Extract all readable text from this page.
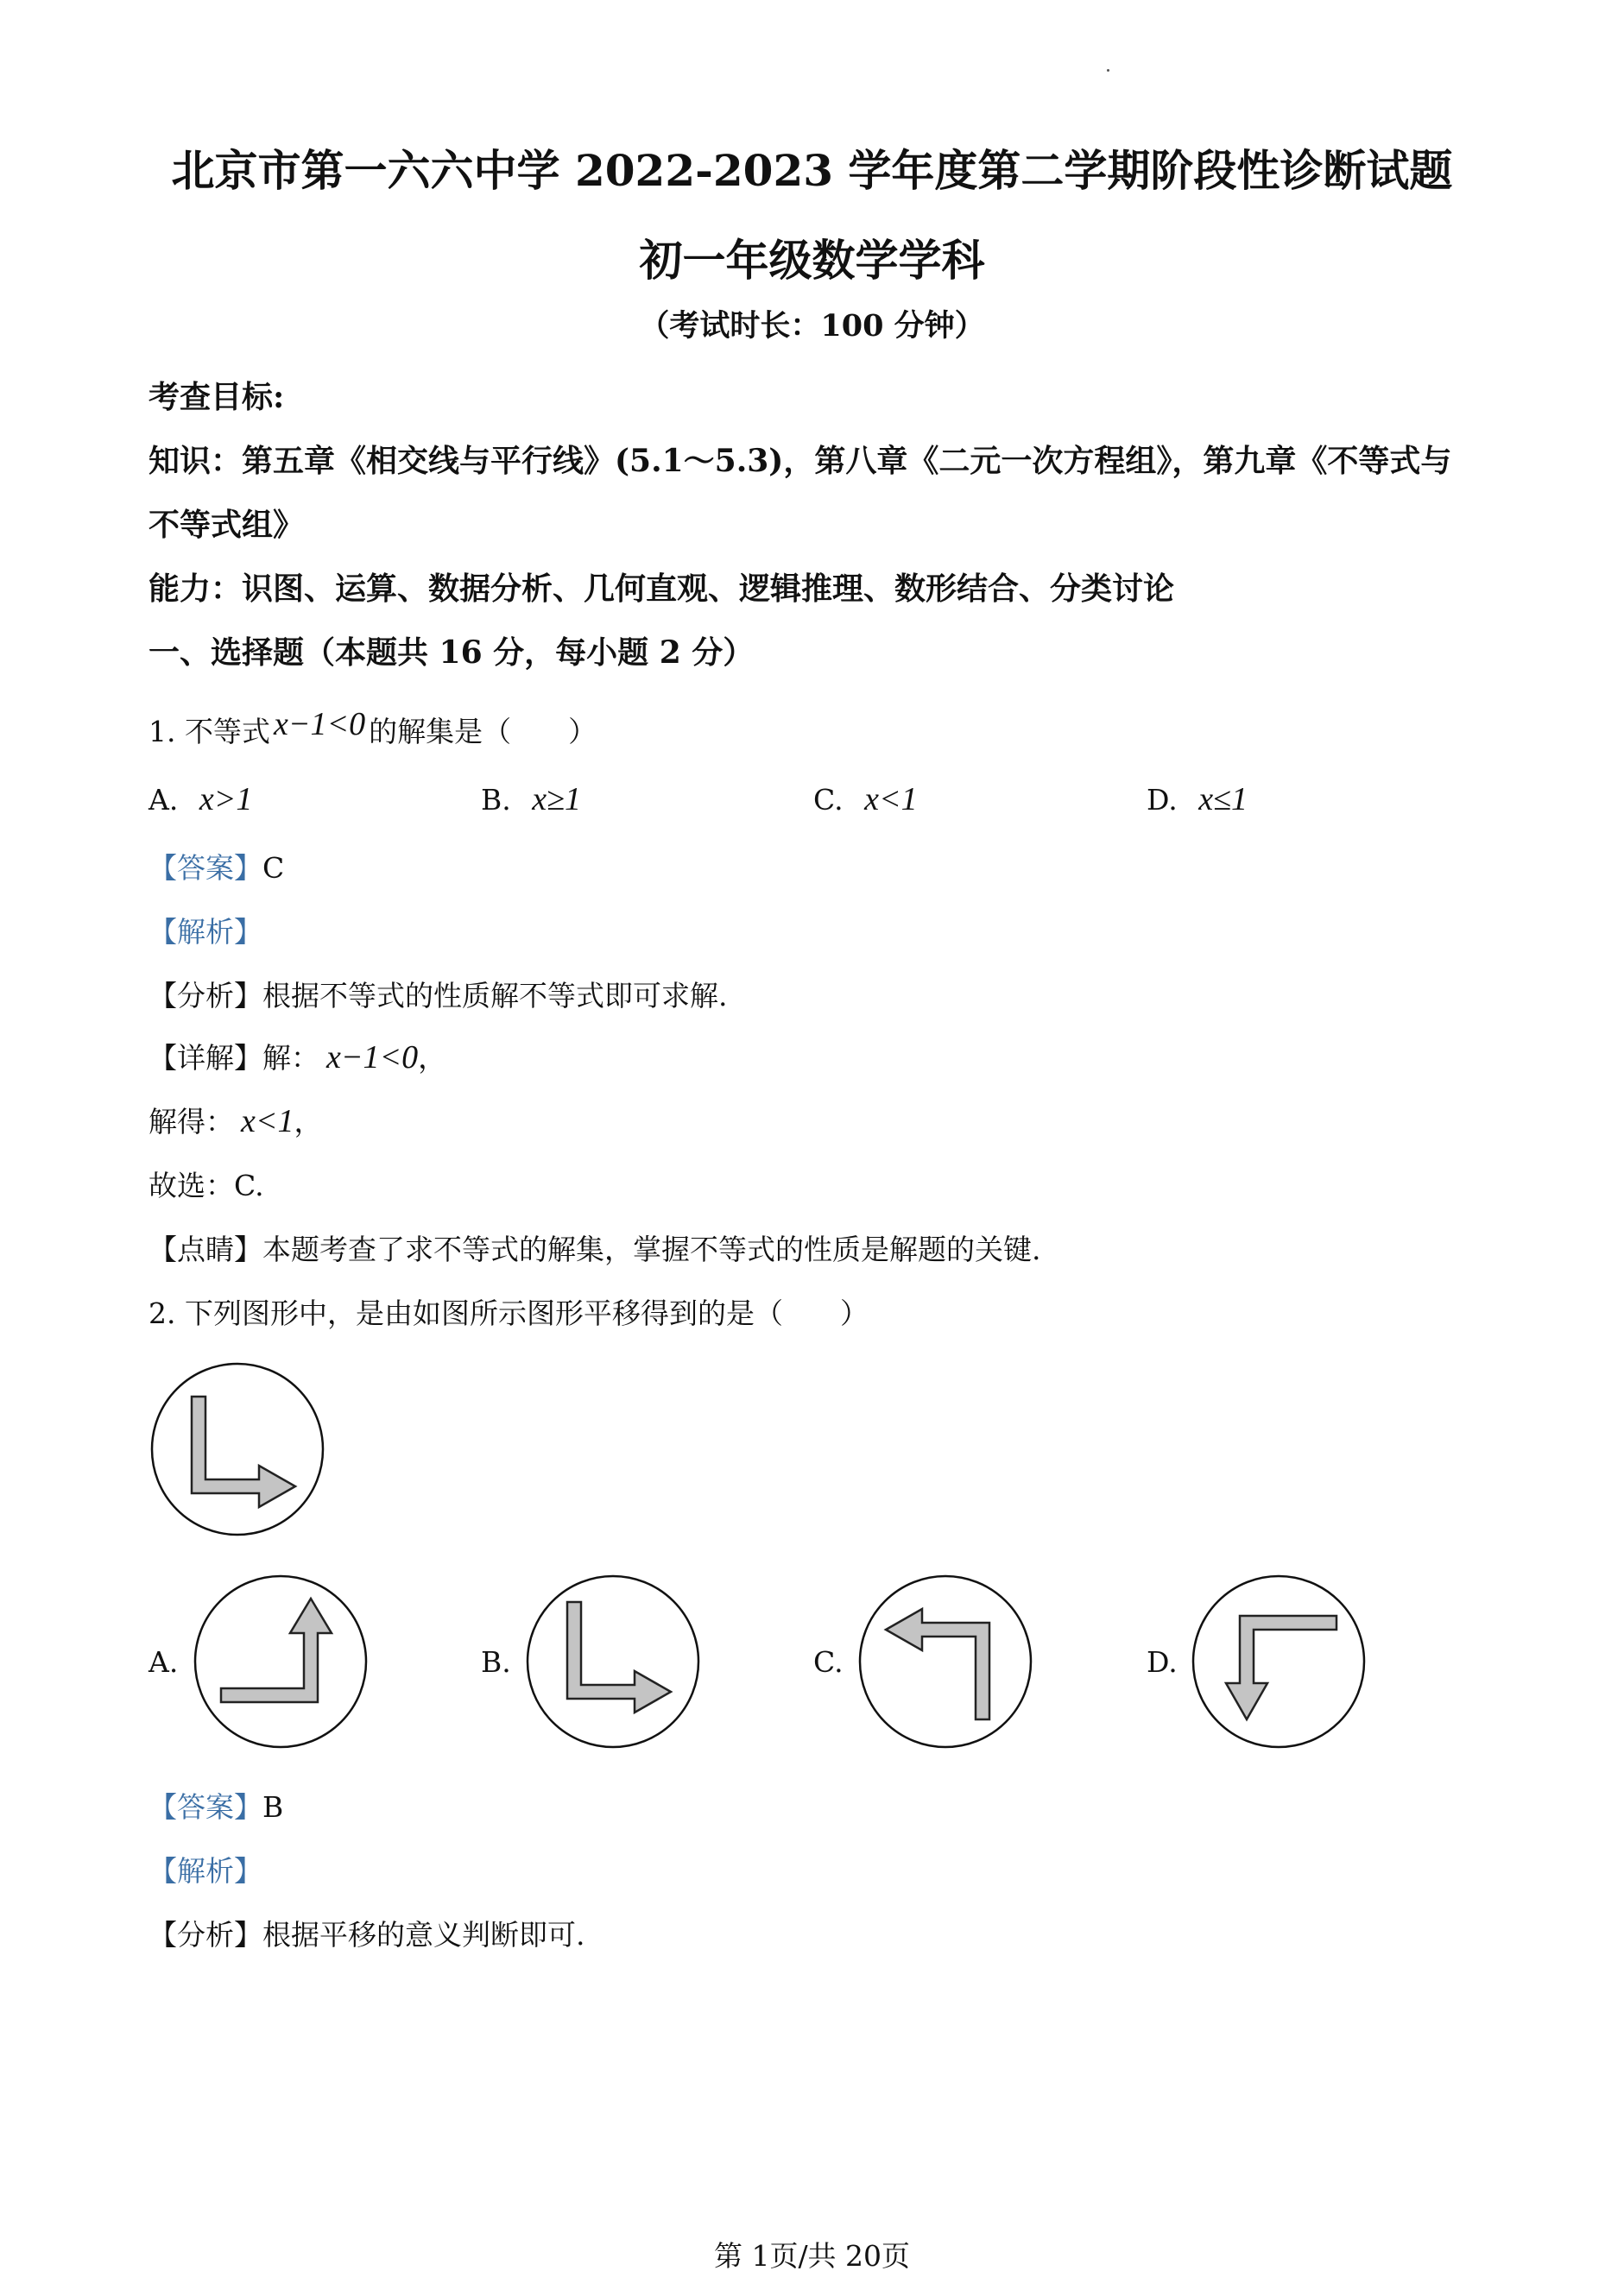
北京市第一六六中学 2022-2023 学年度第二学期阶段性诊断试题
初一年级数学学科
（考试时长：100 分钟）
考查目标:
知识：第五章《相交线与平行线》(5.1～5.3)，第八章《二元一次方程组》，第九章《不等式与
不等式组》
能力：识图、运算、数据分析、几何直观、逻辑推理、数形结合、分类讨论
一、选择题（本题共 16 分，每小题 2 分）
1. 不等式 x−1<0 的解集是（　　）
A. x>1	B. x≥1	C. x<1	D. x≤1
【答案】C
【解析】
【分析】根据不等式的性质解不等式即可求解.
【详解】解： x−1<0，
解得： x<1，
故选：C.
【点睛】本题考查了求不等式的解集，掌握不等式的性质是解题的关键.
2. 下列图形中，是由如图所示图形平移得到的是（　　）
A.	B.	C.	D.
【答案】B
【解析】
【分析】根据平移的意义判断即可.
第 1页/共 20页
